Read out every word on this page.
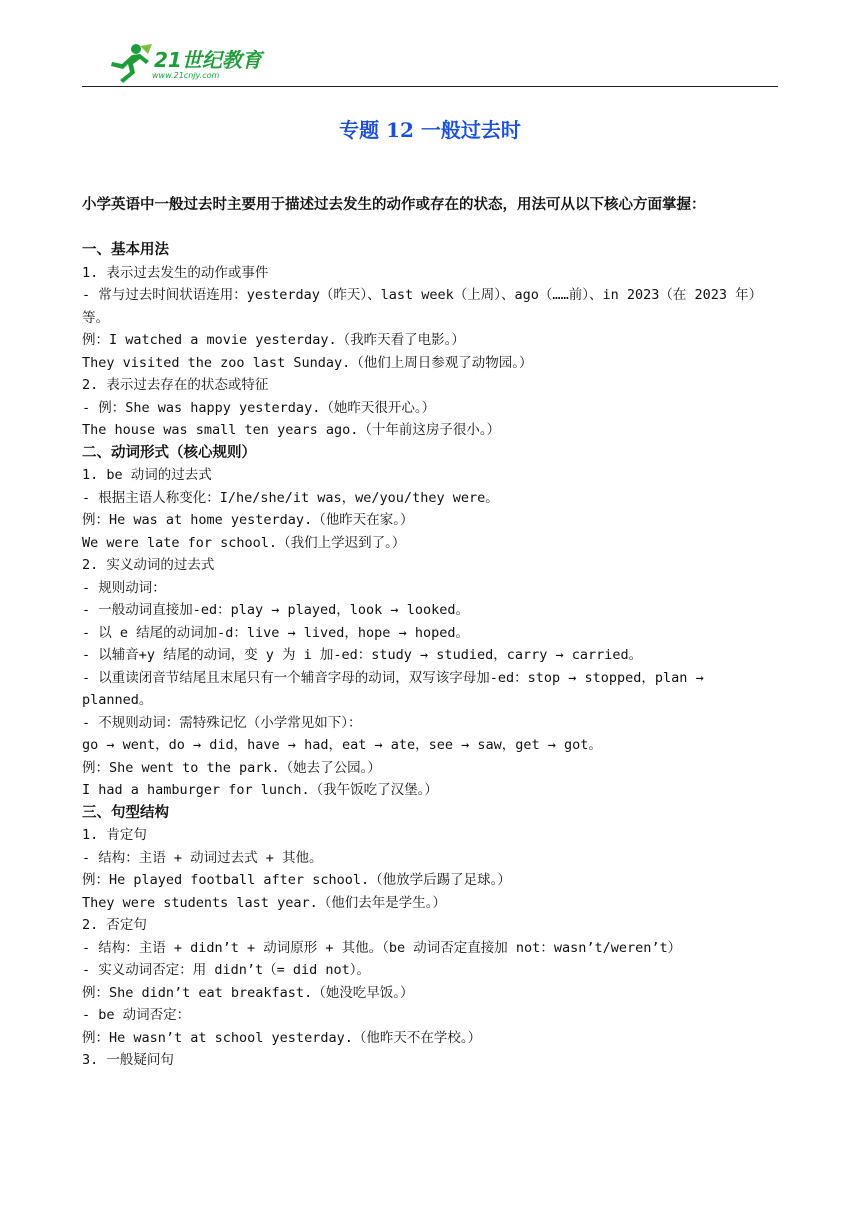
21世纪教育
www.21cnjy.com
专题 12 一般过去时

小学英语中一般过去时主要用于描述过去发生的动作或存在的状态，用法可从以下核心方面掌握：

一、基本用法

1. 表示过去发生的动作或事件

- 常与过去时间状语连用：yesterday（昨天）、last week（上周）、ago（……前）、in 2023（在 2023 年）等。

例：I watched a movie yesterday.（我昨天看了电影。）

They visited the zoo last Sunday.（他们上周日参观了动物园。）

2. 表示过去存在的状态或特征

- 例：She was happy yesterday.（她昨天很开心。）

The house was small ten years ago.（十年前这房子很小。）

二、动词形式（核心规则）

1. be 动词的过去式

- 根据主语人称变化：I/he/she/it was，we/you/they were。

例：He was at home yesterday.（他昨天在家。）

We were late for school.（我们上学迟到了。）

2. 实义动词的过去式

- 规则动词：

- 一般动词直接加-ed：play → played，look → looked。

- 以 e 结尾的动词加-d：live → lived，hope → hoped。

- 以辅音+y 结尾的动词，变 y 为 i 加-ed：study → studied，carry → carried。

- 以重读闭音节结尾且末尾只有一个辅音字母的动词，双写该字母加-ed：stop → stopped，plan → planned。

- 不规则动词：需特殊记忆（小学常见如下）：

go → went，do → did，have → had，eat → ate，see → saw，get → got。

例：She went to the park.（她去了公园。）

I had a hamburger for lunch.（我午饭吃了汉堡。）

三、句型结构

1. 肯定句

- 结构：主语 + 动词过去式 + 其他。

例：He played football after school.（他放学后踢了足球。）

They were students last year.（他们去年是学生。）

2. 否定句

- 结构：主语 + didn’t + 动词原形 + 其他。（be 动词否定直接加 not：wasn’t/weren’t）

- 实义动词否定：用 didn’t（= did not）。

例：She didn’t eat breakfast.（她没吃早饭。）

- be 动词否定：

例：He wasn’t at school yesterday.（他昨天不在学校。）

3. 一般疑问句
